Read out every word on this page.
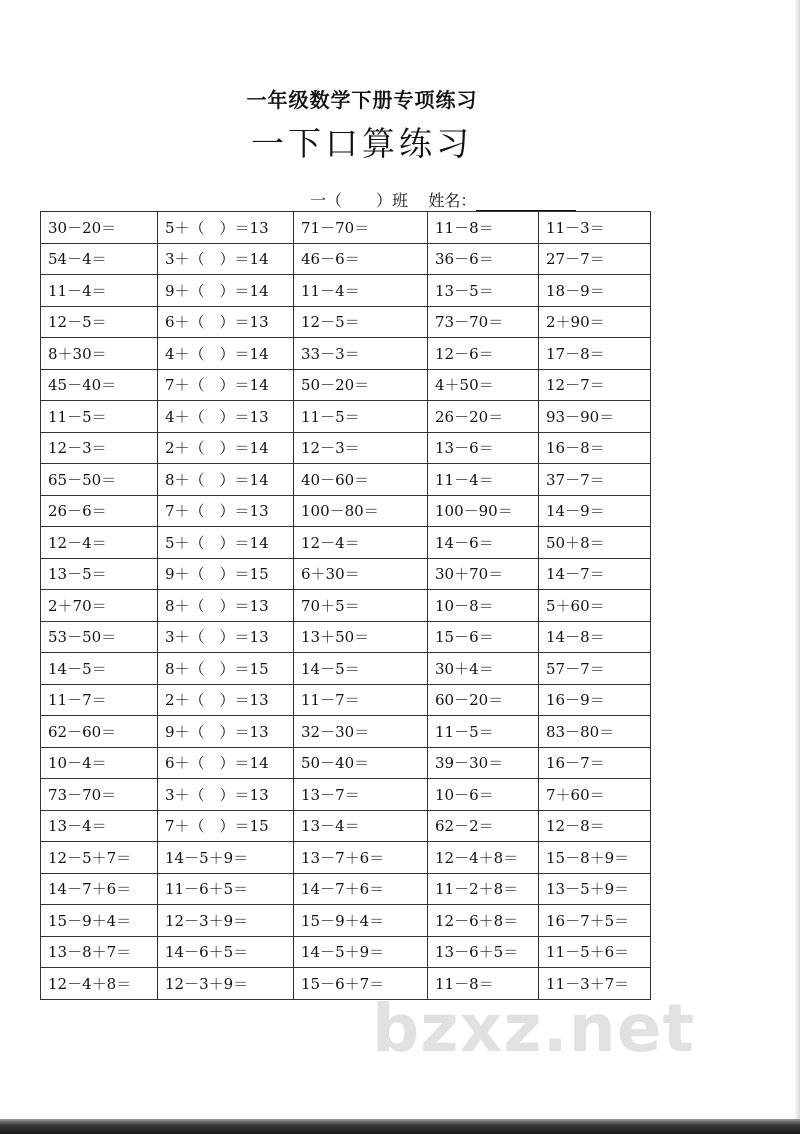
一年级数学下册专项练习
一下口算练习
一（ ）班 姓名：
30－20＝	5＋（　）＝13	71－70＝	11－8＝	11－3＝
54－4＝	3＋（　）＝14	46－6＝	36－6＝	27－7＝
11－4＝	9＋（　）＝14	11－4＝	13－5＝	18－9＝
12－5＝	6＋（　）＝13	12－5＝	73－70＝	2＋90＝
8＋30＝	4＋（　）＝14	33－3＝	12－6＝	17－8＝
45－40＝	7＋（　）＝14	50－20＝	4＋50＝	12－7＝
11－5＝	4＋（　）＝13	11－5＝	26－20＝	93－90＝
12－3＝	2＋（　）＝14	12－3＝	13－6＝	16－8＝
65－50＝	8＋（　）＝14	40－60＝	11－4＝	37－7＝
26－6＝	7＋（　）＝13	100－80＝	100－90＝	14－9＝
12－4＝	5＋（　）＝14	12－4＝	14－6＝	50＋8＝
13－5＝	9＋（　）＝15	6＋30＝	30＋70＝	14－7＝
2＋70＝	8＋（　）＝13	70＋5＝	10－8＝	5＋60＝
53－50＝	3＋（　）＝13	13＋50＝	15－6＝	14－8＝
14－5＝	8＋（　）＝15	14－5＝	30＋4＝	57－7＝
11－7＝	2＋（　）＝13	11－7＝	60－20＝	16－9＝
62－60＝	9＋（　）＝13	32－30＝	11－5＝	83－80＝
10－4＝	6＋（　）＝14	50－40＝	39－30＝	16－7＝
73－70＝	3＋（　）＝13	13－7＝	10－6＝	7＋60＝
13－4＝	7＋（　）＝15	13－4＝	62－2＝	12－8＝
12－5＋7＝	14－5＋9＝	13－7＋6＝	12－4＋8＝	15－8＋9＝
14－7＋6＝	11－6＋5＝	14－7＋6＝	11－2＋8＝	13－5＋9＝
15－9＋4＝	12－3＋9＝	15－9＋4＝	12－6＋8＝	16－7＋5＝
13－8＋7＝	14－6＋5＝	14－5＋9＝	13－6＋5＝	11－5＋6＝
12－4＋8＝	12－3＋9＝	15－6＋7＝	11－8＝	11－3＋7＝
bzxz.net
